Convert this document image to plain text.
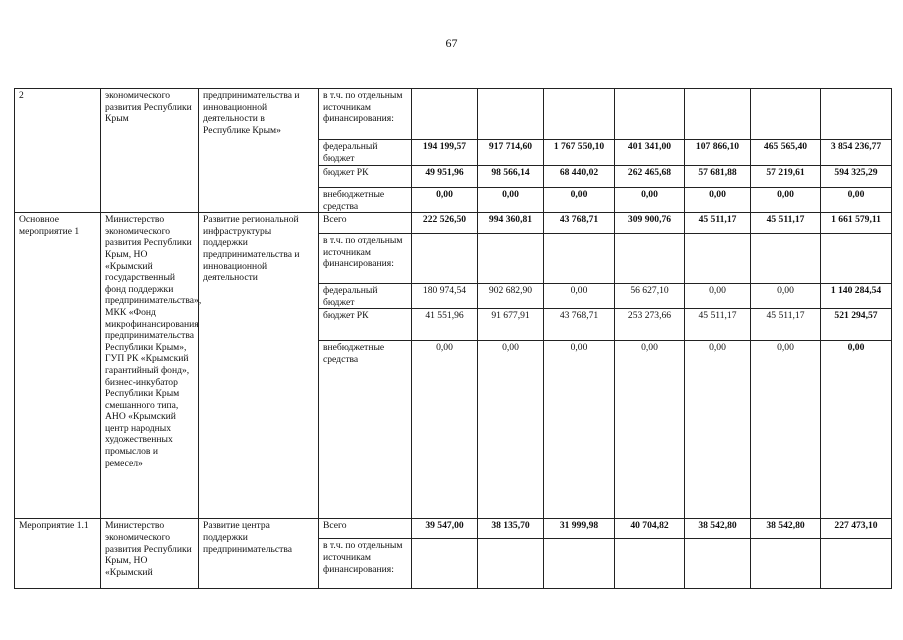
67
2	экономического развития Республики Крым	предпринимательства и инновационной деятельности в Республике Крым»	в т.ч. по отдельным источникам финансирования:							
			федеральный бюджет	194 199,57	917 714,60	1 767 550,10	401 341,00	107 866,10	465 565,40	3 854 236,77
			бюджет РК	49 951,96	98 566,14	68 440,02	262 465,68	57 681,88	57 219,61	594 325,29
			внебюджетные средства	0,00	0,00	0,00	0,00	0,00	0,00	0,00
Основное мероприятие 1	Министерство экономического развития Республики Крым, НО «Крымский государственный фонд поддержки предпринимательства», МКК «Фонд микрофинансирования предпринимательства Республики Крым», ГУП РК «Крымский гарантийный фонд», бизнес-инкубатор Республики Крым смешанного типа, АНО «Крымский центр народных художественных промыслов и ремесел»	Развитие региональной инфраструктуры поддержки предпринимательства и инновационной деятельности	Всего	222 526,50	994 360,81	43 768,71	309 900,76	45 511,17	45 511,17	1 661 579,11
			в т.ч. по отдельным источникам финансирования:							
			федеральный бюджет	180 974,54	902 682,90	0,00	56 627,10	0,00	0,00	1 140 284,54
			бюджет РК	41 551,96	91 677,91	43 768,71	253 273,66	45 511,17	45 511,17	521 294,57
			внебюджетные средства	0,00	0,00	0,00	0,00	0,00	0,00	0,00
Мероприятие 1.1	Министерство экономического развития Республики Крым, НО «Крымский	Развитие центра поддержки предпринимательства	Всего	39 547,00	38 135,70	31 999,98	40 704,82	38 542,80	38 542,80	227 473,10
			в т.ч. по отдельным источникам финансирования:							
